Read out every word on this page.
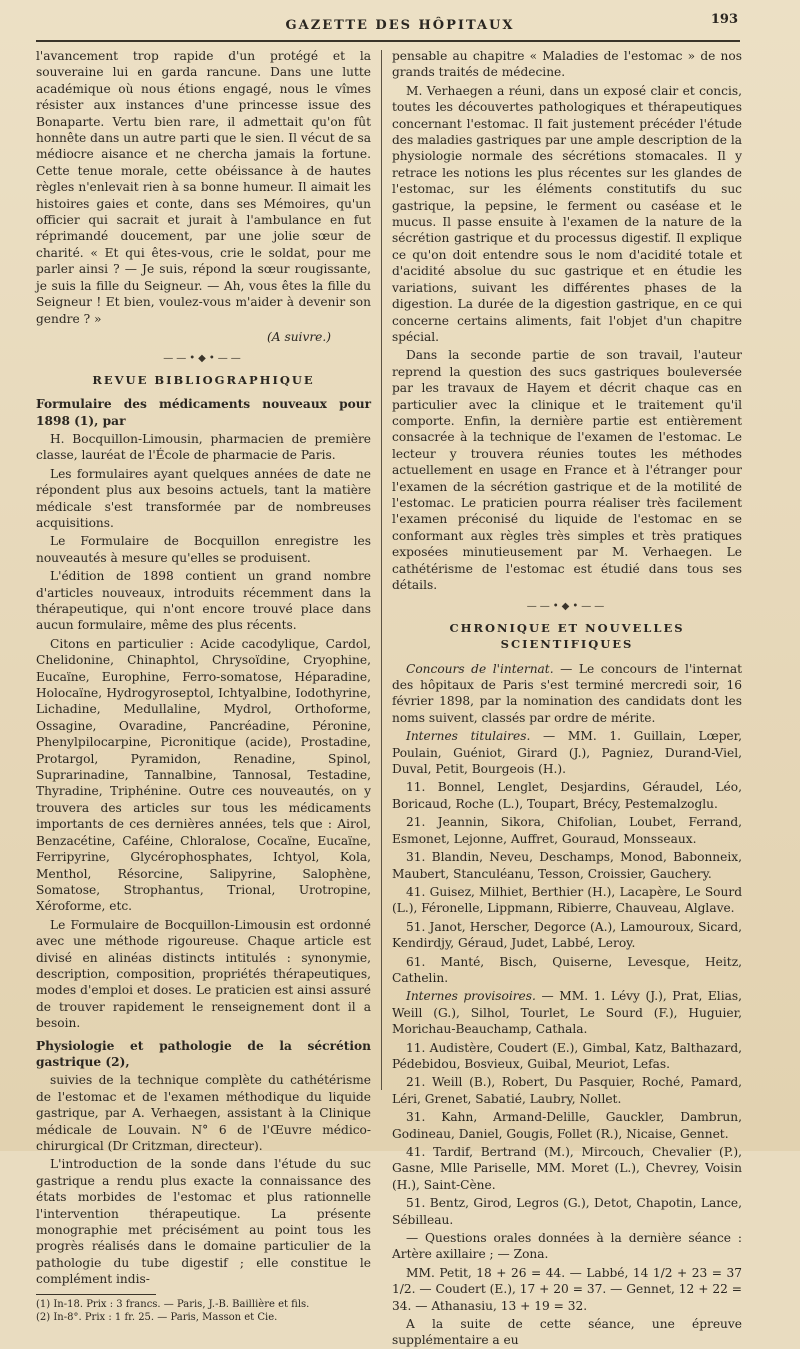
GAZETTE DES HÔPITAUX	193

l'avancement trop rapide d'un protégé et la souveraine lui en garda rancune. Dans une lutte académique où nous étions engagé, nous le vîmes résister aux instances d'une princesse issue des Bonaparte. Vertu bien rare, il admettait qu'on fût honnête dans un autre parti que le sien. Il vécut de sa médiocre aisance et ne chercha jamais la fortune. Cette tenue morale, cette obéissance à de hautes règles n'enlevait rien à sa bonne humeur. Il aimait les histoires gaies et conte, dans ses Mémoires, qu'un officier qui sacrait et jurait à l'ambulance en fut réprimandé doucement, par une jolie sœur de charité. « Et qui êtes-vous, crie le soldat, pour me parler ainsi ? — Je suis, répond la sœur rougissante, je suis la fille du Seigneur. — Ah, vous êtes la fille du Seigneur ! Et bien, voulez-vous m'aider à devenir son gendre ? »

(A suivre.)
——•◆•——
REVUE BIBLIOGRAPHIQUE

Formulaire des médicaments nouveaux pour 1898 (1), par

H. Bocquillon-Limousin, pharmacien de première classe, lauréat de l'École de pharmacie de Paris.

Les formulaires ayant quelques années de date ne répondent plus aux besoins actuels, tant la matière médicale s'est transformée par de nombreuses acquisitions.

Le Formulaire de Bocquillon enregistre les nouveautés à mesure qu'elles se produisent.

L'édition de 1898 contient un grand nombre d'articles nouveaux, introduits récemment dans la thérapeutique, qui n'ont encore trouvé place dans aucun formulaire, même des plus récents.

Citons en particulier : Acide cacodylique, Cardol, Chelidonine, Chinaphtol, Chrysoïdine, Cryophine, Eucaïne, Europhine, Ferro-somatose, Héparadine, Holocaïne, Hydrogyroseptol, Ichtyalbine, Iodothyrine, Lichadine, Medullaline, Mydrol, Orthoforme, Ossagine, Ovaradine, Pancréadine, Péronine, Phenylpilocarpine, Picronitique (acide), Prostadine, Protargol, Pyramidon, Renadine, Spinol, Suprarinadine, Tannalbine, Tannosal, Testadine, Thyradine, Triphénine. Outre ces nouveautés, on y trouvera des articles sur tous les médicaments importants de ces dernières années, tels que : Airol, Benzacétine, Caféine, Chloralose, Cocaïne, Eucaïne, Ferripyrine, Glycérophosphates, Ichtyol, Kola, Menthol, Résorcine, Salipyrine, Salophène, Somatose, Strophantus, Trional, Urotropine, Xéroforme, etc.

Le Formulaire de Bocquillon-Limousin est ordonné avec une méthode rigoureuse. Chaque article est divisé en alinéas distincts intitulés : synonymie, description, composition, propriétés thérapeutiques, modes d'emploi et doses. Le praticien est ainsi assuré de trouver rapidement le renseignement dont il a besoin.

Physiologie et pathologie de la sécrétion gastrique (2),

suivies de la technique complète du cathétérisme de l'estomac et de l'examen méthodique du liquide gastrique, par A. Verhaegen, assistant à la Clinique médicale de Louvain. N° 6 de l'Œuvre médico-chirurgical (Dr Critzman, directeur).

L'introduction de la sonde dans l'étude du suc gastrique a rendu plus exacte la connaissance des états morbides de l'estomac et plus rationnelle l'intervention thérapeutique. La présente monographie met précisément au point tous les progrès réalisés dans le domaine particulier de la pathologie du tube digestif ; elle constitue le complément indis-

(1) In-18. Prix : 3 francs. — Paris, J.-B. Baillière et fils.
(2) In-8°. Prix : 1 fr. 25. — Paris, Masson et Cie.

pensable au chapitre « Maladies de l'estomac » de nos grands traités de médecine.

M. Verhaegen a réuni, dans un exposé clair et concis, toutes les découvertes pathologiques et thérapeutiques concernant l'estomac. Il fait justement précéder l'étude des maladies gastriques par une ample description de la physiologie normale des sécrétions stomacales. Il y retrace les notions les plus récentes sur les glandes de l'estomac, sur les éléments constitutifs du suc gastrique, la pepsine, le ferment ou caséase et le mucus. Il passe ensuite à l'examen de la nature de la sécrétion gastrique et du processus digestif. Il explique ce qu'on doit entendre sous le nom d'acidité totale et d'acidité absolue du suc gastrique et en étudie les variations, suivant les différentes phases de la digestion. La durée de la digestion gastrique, en ce qui concerne certains aliments, fait l'objet d'un chapitre spécial.

Dans la seconde partie de son travail, l'auteur reprend la question des sucs gastriques bouleversée par les travaux de Hayem et décrit chaque cas en particulier avec la clinique et le traitement qu'il comporte. Enfin, la dernière partie est entièrement consacrée à la technique de l'examen de l'estomac. Le lecteur y trouvera réunies toutes les méthodes actuellement en usage en France et à l'étranger pour l'examen de la sécrétion gastrique et de la motilité de l'estomac. Le praticien pourra réaliser très facilement l'examen préconisé du liquide de l'estomac en se conformant aux règles très simples et très pratiques exposées minutieusement par M. Verhaegen. Le cathétérisme de l'estomac est étudié dans tous ses détails.

——•◆•——
CHRONIQUE ET NOUVELLES SCIENTIFIQUES

Concours de l'internat. — Le concours de l'internat des hôpitaux de Paris s'est terminé mercredi soir, 16 février 1898, par la nomination des candidats dont les noms suivent, classés par ordre de mérite.

Internes titulaires. — MM. 1. Guillain, Lœper, Poulain, Guéniot, Girard (J.), Pagniez, Durand-Viel, Duval, Petit, Bourgeois (H.).

11. Bonnel, Lenglet, Desjardins, Géraudel, Léo, Boricaud, Roche (L.), Toupart, Brécy, Pestemalzoglu.

21. Jeannin, Sikora, Chifolian, Loubet, Ferrand, Esmonet, Lejonne, Auffret, Gouraud, Monsseaux.

31. Blandin, Neveu, Deschamps, Monod, Babonneix, Maubert, Stanculéanu, Tesson, Croissier, Gauchery.

41. Guisez, Milhiet, Berthier (H.), Lacapère, Le Sourd (L.), Féronelle, Lippmann, Ribierre, Chauveau, Alglave.

51. Janot, Herscher, Degorce (A.), Lamouroux, Sicard, Kendirdjy, Géraud, Judet, Labbé, Leroy.

61. Manté, Bisch, Quiserne, Levesque, Heitz, Cathelin.

Internes provisoires. — MM. 1. Lévy (J.), Prat, Elias, Weill (G.), Silhol, Tourlet, Le Sourd (F.), Huguier, Morichau-Beauchamp, Cathala.

11. Audistère, Coudert (E.), Gimbal, Katz, Balthazard, Pédebidou, Bosvieux, Guibal, Meuriot, Lefas.

21. Weill (B.), Robert, Du Pasquier, Roché, Pamard, Léri, Grenet, Sabatié, Laubry, Nollet.

31. Kahn, Armand-Delille, Gauckler, Dambrun, Godineau, Daniel, Gougis, Follet (R.), Nicaise, Gennet.

41. Tardif, Bertrand (M.), Mircouch, Chevalier (P.), Gasne, Mlle Pariselle, MM. Moret (L.), Chevrey, Voisin (H.), Saint-Cène.

51. Bentz, Girod, Legros (G.), Detot, Chapotin, Lance, Sébilleau.

— Questions orales données à la dernière séance : Artère axillaire ; — Zona.

MM. Petit, 18 + 26 = 44. — Labbé, 14 1/2 + 23 = 37 1/2. — Coudert (E.), 17 + 20 = 37. — Gennet, 12 + 22 = 34. — Athanasiu, 13 + 19 = 32.

A la suite de cette séance, une épreuve supplémentaire a eu
